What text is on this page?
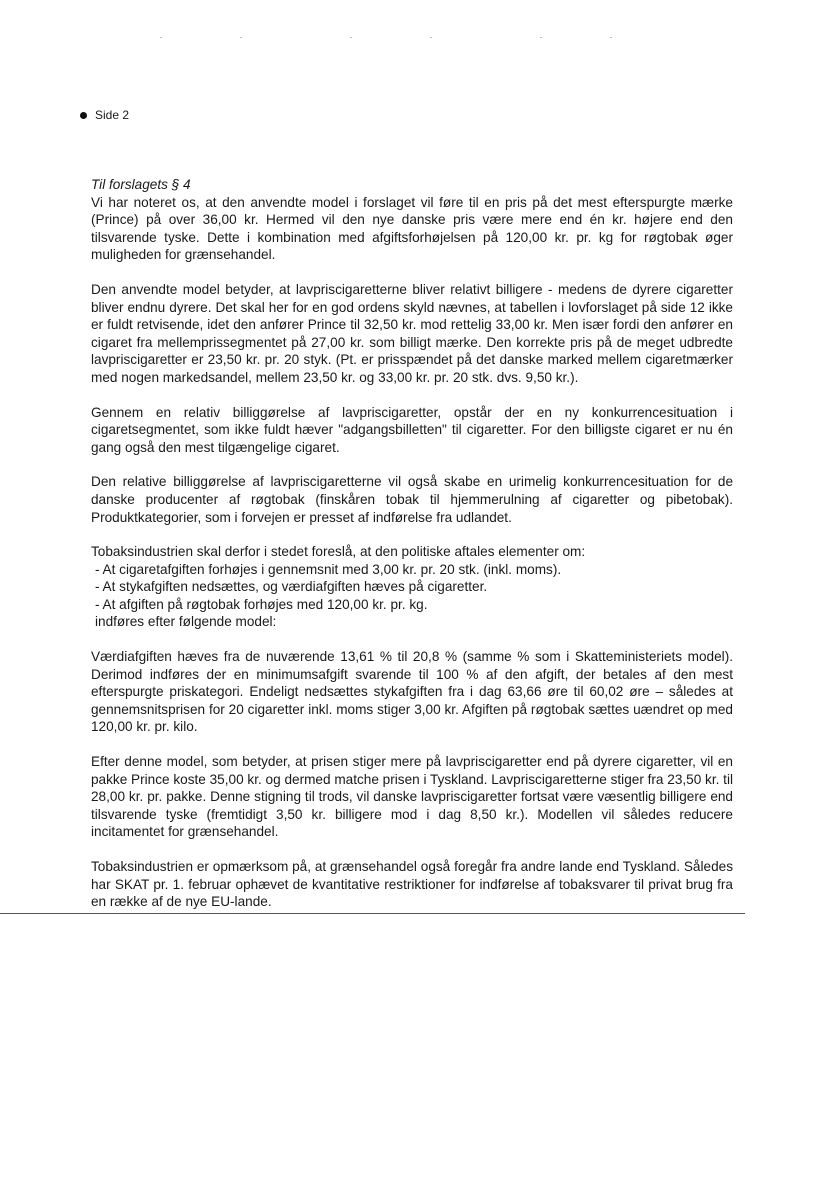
Side 2

Til forslagets § 4

Vi har noteret os, at den anvendte model i forslaget vil føre til en pris på det mest efterspurgte mærke (Prince) på over 36,00 kr. Hermed vil den nye danske pris være mere end én kr. højere end den tilsvarende tyske. Dette i kombination med afgiftsforhøjelsen på 120,00 kr. pr. kg for røgtobak øger muligheden for grænsehandel.

Den anvendte model betyder, at lavpriscigaretterne bliver relativt billigere - medens de dyrere cigaretter bliver endnu dyrere. Det skal her for en god ordens skyld nævnes, at tabellen i lovforslaget på side 12 ikke er fuldt retvisende, idet den anfører Prince til 32,50 kr. mod rettelig 33,00 kr. Men især fordi den anfører en cigaret fra mellemprissegmentet på 27,00 kr. som billigt mærke. Den korrekte pris på de meget udbredte lavpriscigaretter er 23,50 kr. pr. 20 styk. (Pt. er prisspændet på det danske marked mellem cigaretmærker med nogen markedsandel, mellem 23,50 kr. og 33,00 kr. pr. 20 stk. dvs. 9,50 kr.).

Gennem en relativ billiggørelse af lavpriscigaretter, opstår der en ny konkurrencesituation i cigaretsegmentet, som ikke fuldt hæver "adgangsbilletten" til cigaretter. For den billigste cigaret er nu én gang også den mest tilgængelige cigaret.

Den relative billiggørelse af lavpriscigaretterne vil også skabe en urimelig konkurrencesituation for de danske producenter af røgtobak (finskåren tobak til hjemmerulning af cigaretter og pibetobak). Produktkategorier, som i forvejen er presset af indførelse fra udlandet.

Tobaksindustrien skal derfor i stedet foreslå, at den politiske aftales elementer om:

- At cigaretafgiften forhøjes i gennemsnit med 3,00 kr. pr. 20 stk. (inkl. moms).
- At stykafgiften nedsættes, og værdiafgiften hæves på cigaretter.
- At afgiften på røgtobak forhøjes med 120,00 kr. pr. kg.

indføres efter følgende model:

Værdiafgiften hæves fra de nuværende 13,61 % til 20,8 % (samme % som i Skatteministeriets model). Derimod indføres der en minimumsafgift svarende til 100 % af den afgift, der betales af den mest efterspurgte priskategori. Endeligt nedsættes stykafgiften fra i dag 63,66 øre til 60,02 øre – således at gennemsnitsprisen for 20 cigaretter inkl. moms stiger 3,00 kr. Afgiften på røgtobak sættes uændret op med 120,00 kr. pr. kilo.

Efter denne model, som betyder, at prisen stiger mere på lavpriscigaretter end på dyrere cigaretter, vil en pakke Prince koste 35,00 kr. og dermed matche prisen i Tyskland. Lavpriscigaretterne stiger fra 23,50 kr. til 28,00 kr. pr. pakke. Denne stigning til trods, vil danske lavpriscigaretter fortsat være væsentlig billigere end tilsvarende tyske (fremtidigt 3,50 kr. billigere mod i dag 8,50 kr.). Modellen vil således reducere incitamentet for grænsehandel.

Tobaksindustrien er opmærksom på, at grænsehandel også foregår fra andre lande end Tyskland. Således har SKAT pr. 1. februar ophævet de kvantitative restriktioner for indførelse af tobaksvarer til privat brug fra en række af de nye EU-lande.
